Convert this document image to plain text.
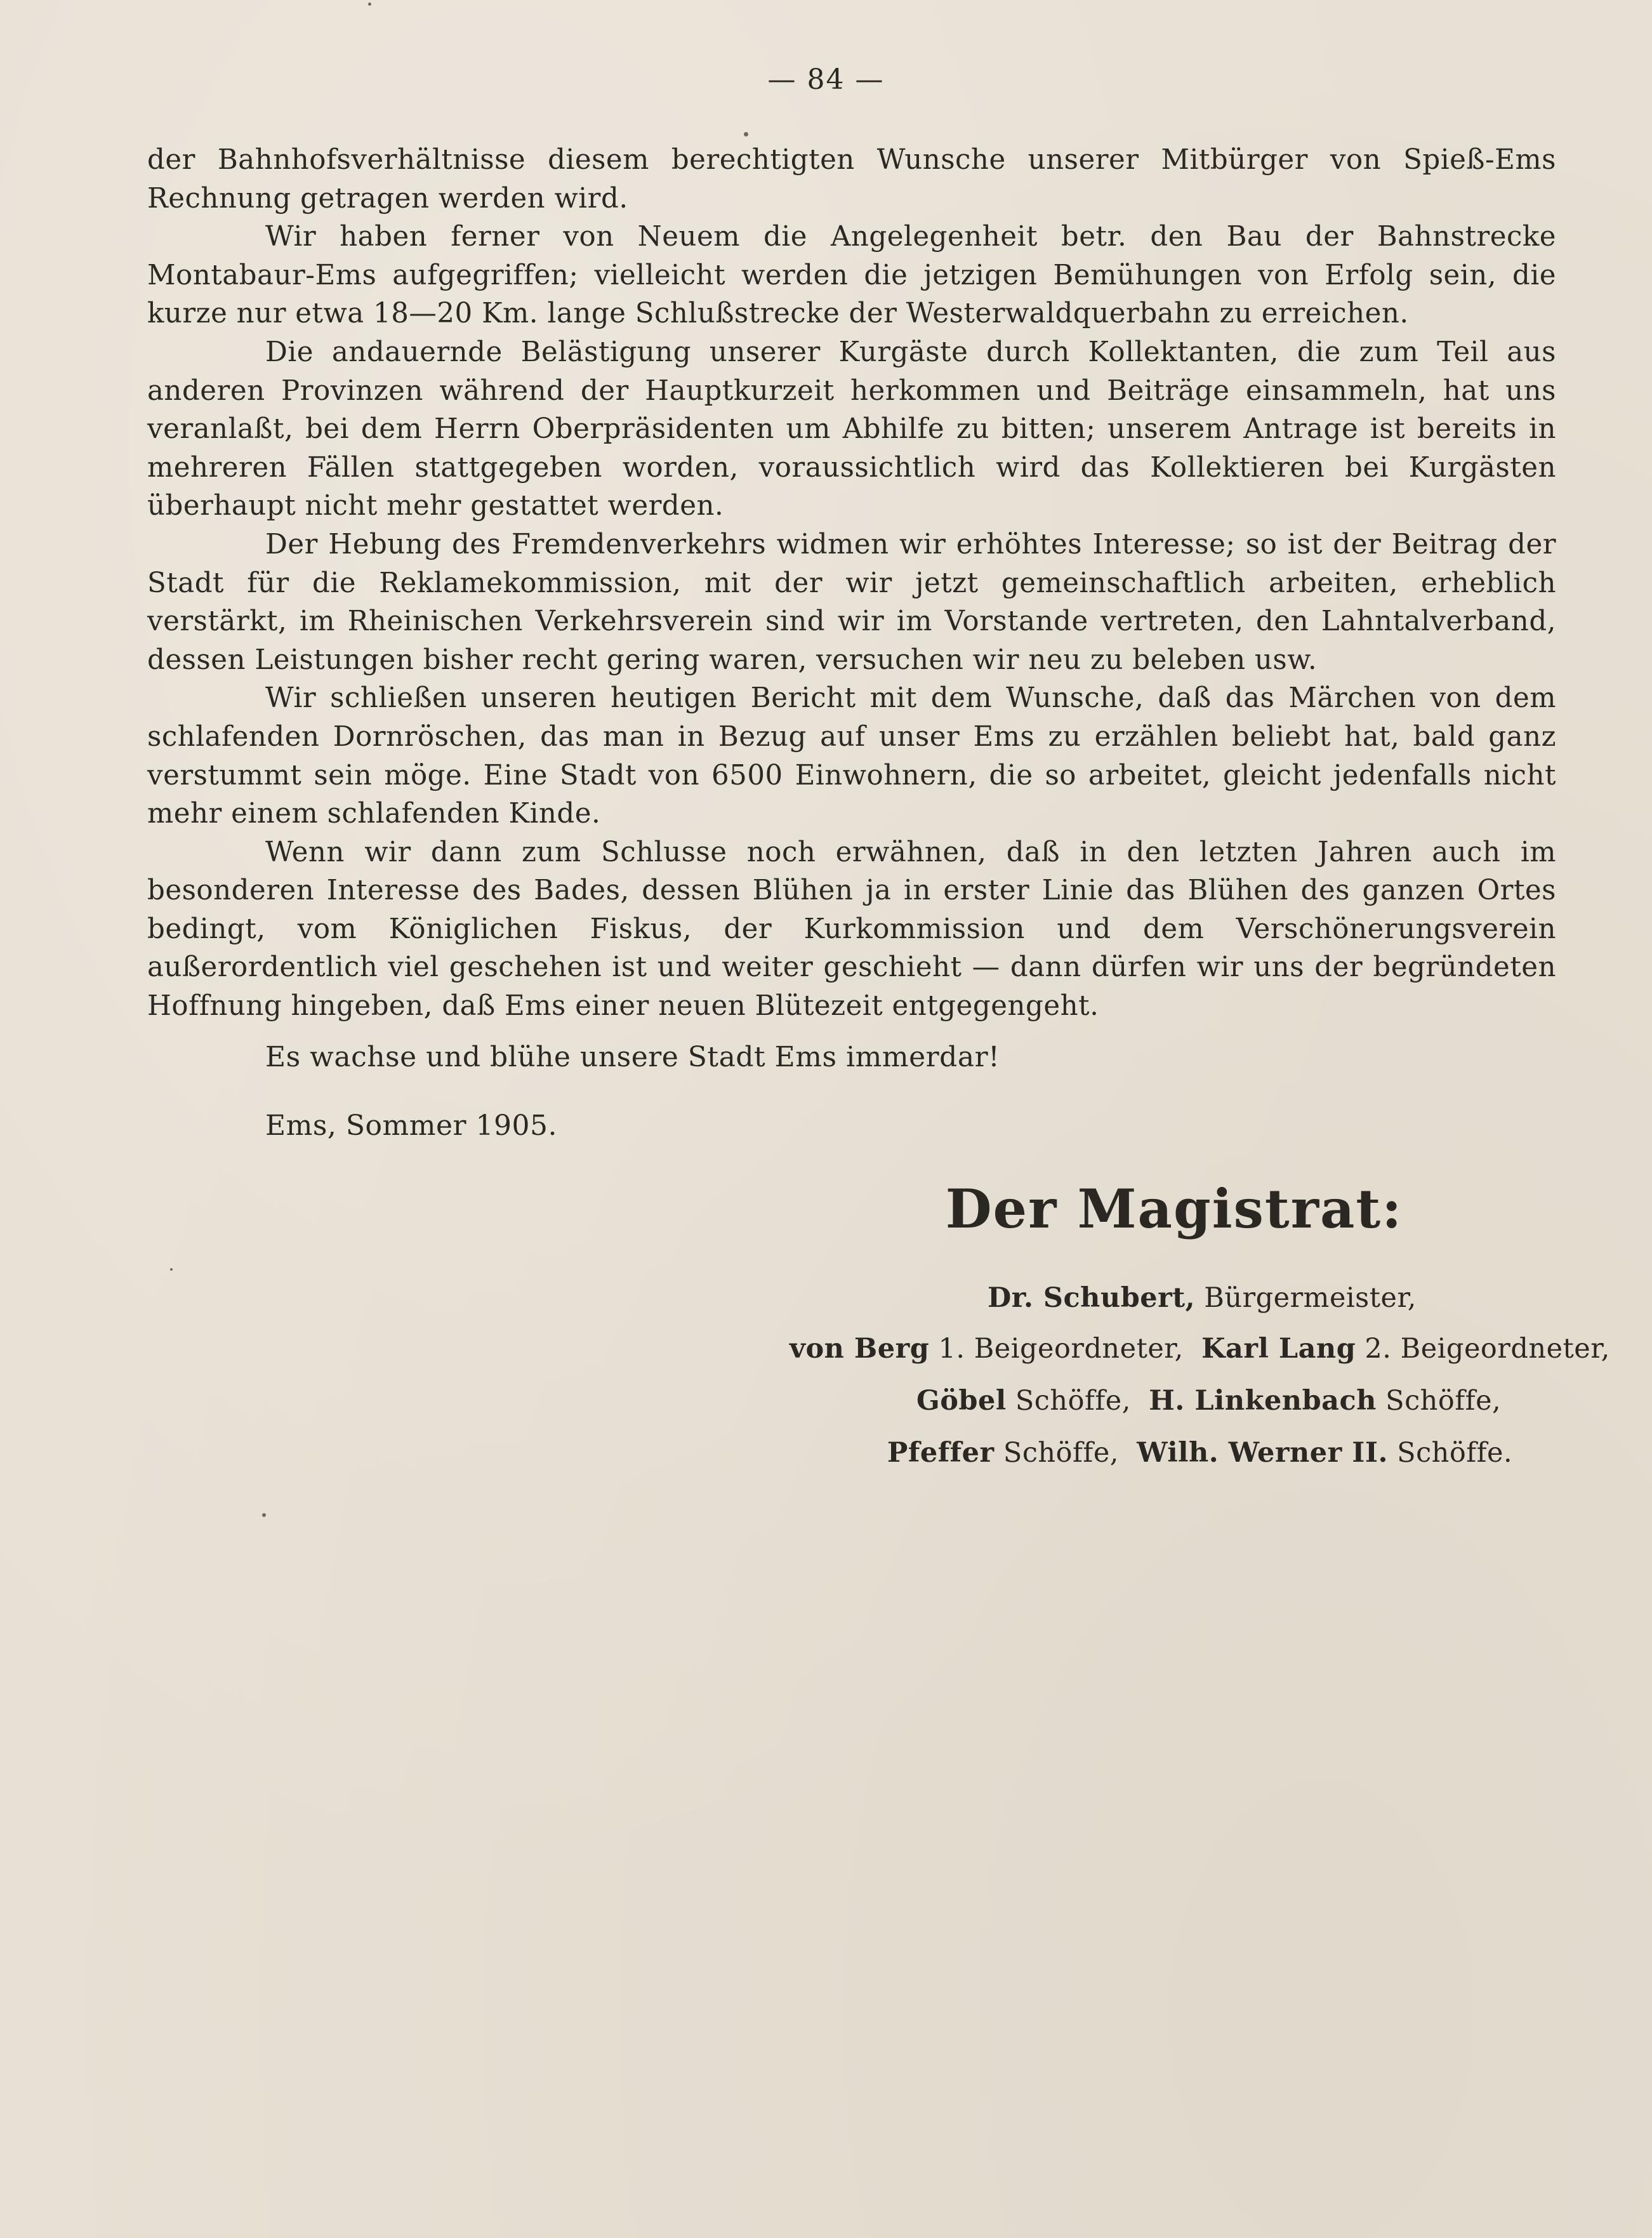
— 84 —

der Bahnhofsverhältnisse diesem berechtigten Wunsche unserer Mitbürger von Spieß-Ems Rechnung getragen werden wird.

Wir haben ferner von Neuem die Angelegenheit betr. den Bau der Bahnstrecke Montabaur-Ems aufgegriffen; vielleicht werden die jetzigen Bemühungen von Erfolg sein, die kurze nur etwa 18—20 Km. lange Schlußstrecke der Westerwaldquerbahn zu erreichen.

Die andauernde Belästigung unserer Kurgäste durch Kollektanten, die zum Teil aus anderen Provinzen während der Hauptkurzeit herkommen und Beiträge einsammeln, hat uns veranlaßt, bei dem Herrn Oberpräsidenten um Abhilfe zu bitten; unserem Antrage ist bereits in mehreren Fällen stattgegeben worden, voraussichtlich wird das Kollektieren bei Kurgästen überhaupt nicht mehr gestattet werden.

Der Hebung des Fremdenverkehrs widmen wir erhöhtes Interesse; so ist der Beitrag der Stadt für die Reklamekommission, mit der wir jetzt gemeinschaftlich arbeiten, erheblich verstärkt, im Rheinischen Verkehrsverein sind wir im Vorstande vertreten, den Lahntalverband, dessen Leistungen bisher recht gering waren, versuchen wir neu zu beleben usw.

Wir schließen unseren heutigen Bericht mit dem Wunsche, daß das Märchen von dem schlafenden Dornröschen, das man in Bezug auf unser Ems zu erzählen beliebt hat, bald ganz verstummt sein möge. Eine Stadt von 6500 Einwohnern, die so arbeitet, gleicht jedenfalls nicht mehr einem schlafenden Kinde.

Wenn wir dann zum Schlusse noch erwähnen, daß in den letzten Jahren auch im besonderen Interesse des Bades, dessen Blühen ja in erster Linie das Blühen des ganzen Ortes bedingt, vom Königlichen Fiskus, der Kurkommission und dem Verschönerungsverein außerordentlich viel geschehen ist und weiter geschieht — dann dürfen wir uns der begründeten Hoffnung hingeben, daß Ems einer neuen Blütezeit entgegengeht.

Es wachse und blühe unsere Stadt Ems immerdar!
Ems, Sommer 1905.
Der Magistrat:
Dr. Schubert, Bürgermeister,
von Berg 1. Beigeordneter,  Karl Lang 2. Beigeordneter,
Göbel Schöffe,  H. Linkenbach Schöffe,
Pfeffer Schöffe,  Wilh. Werner II. Schöffe.
